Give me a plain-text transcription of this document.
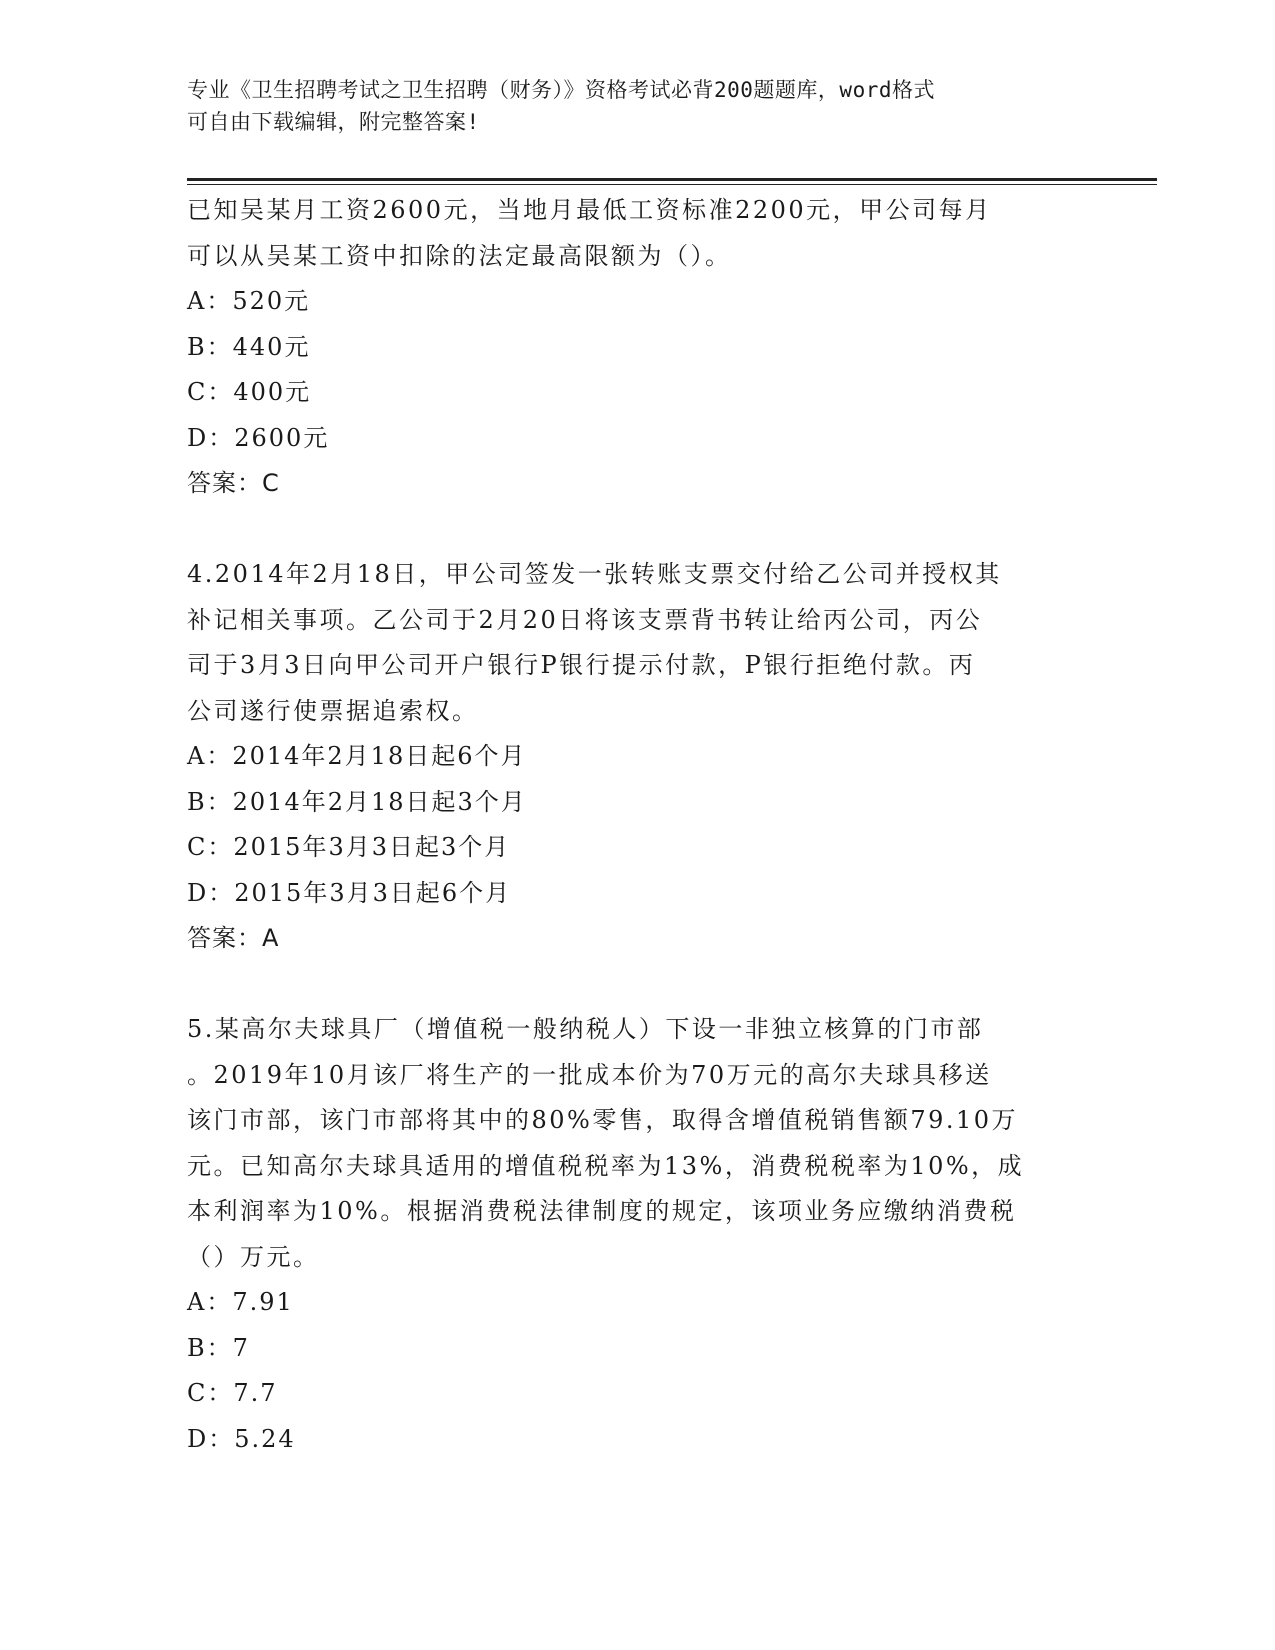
专业《卫生招聘考试之卫生招聘（财务）》资格考试必背200题题库，word格式
可自由下载编辑，附完整答案!

已知吴某月工资2600元，当地月最低工资标准2200元，甲公司每月

可以从吴某工资中扣除的法定最高限额为（）。

A：520元

B：440元

C：400元

D：2600元

答案：C

4.2014年2月18日，甲公司签发一张转账支票交付给乙公司并授权其

补记相关事项。乙公司于2月20日将该支票背书转让给丙公司，丙公

司于3月3日向甲公司开户银行P银行提示付款，P银行拒绝付款。丙

公司遂行使票据追索权。

A：2014年2月18日起6个月

B：2014年2月18日起3个月

C：2015年3月3日起3个月

D：2015年3月3日起6个月

答案：A

5.某高尔夫球具厂（增值税一般纳税人）下设一非独立核算的门市部

。2019年10月该厂将生产的一批成本价为70万元的高尔夫球具移送

该门市部，该门市部将其中的80%零售，取得含增值税销售额79.10万

元。已知高尔夫球具适用的增值税税率为13%，消费税税率为10%，成

本利润率为10%。根据消费税法律制度的规定，该项业务应缴纳消费税

（）万元。

A：7.91

B：7

C：7.7

D：5.24
